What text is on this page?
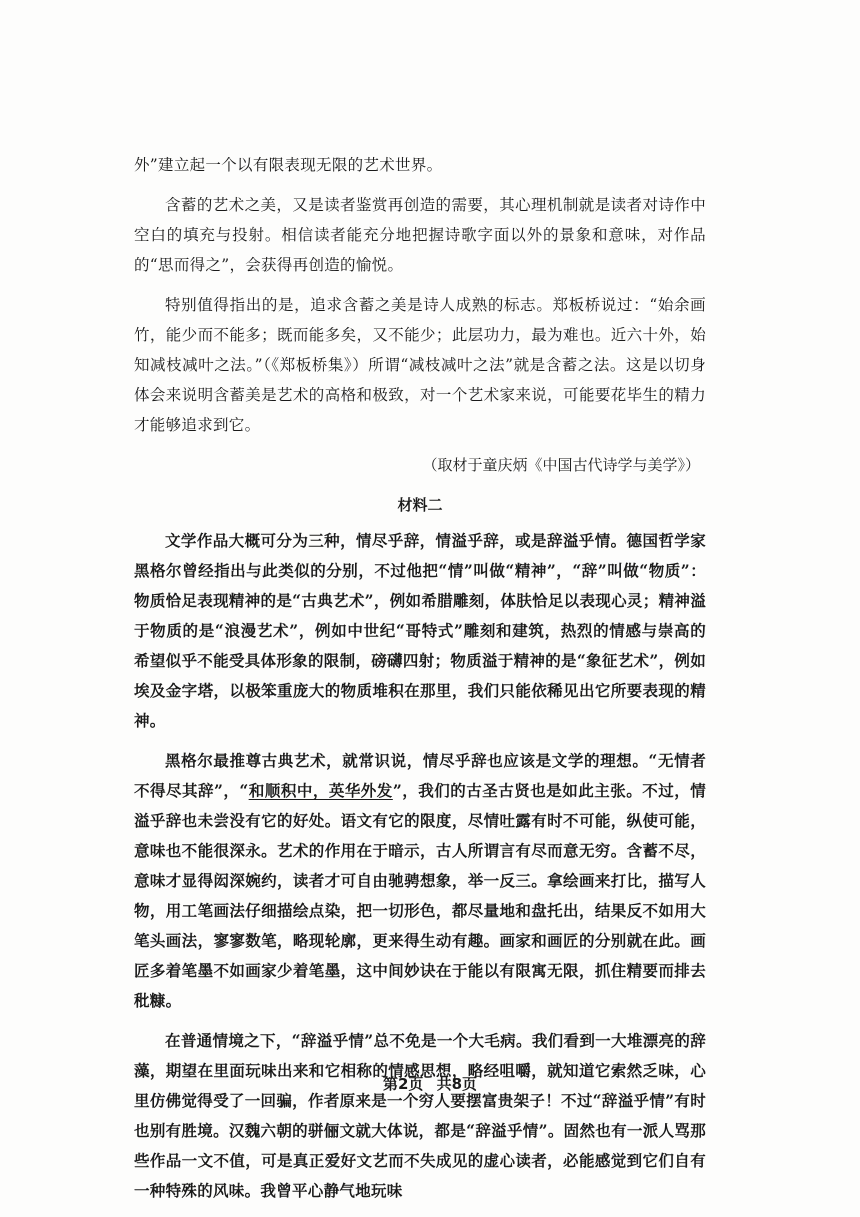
外”建立起一个以有限表现无限的艺术世界。

含蓄的艺术之美，又是读者鉴赏再创造的需要，其心理机制就是读者对诗作中空白的填充与投射。相信读者能充分地把握诗歌字面以外的景象和意味，对作品的“思而得之”，会获得再创造的愉悦。

特别值得指出的是，追求含蓄之美是诗人成熟的标志。郑板桥说过：“始余画竹，能少而不能多；既而能多矣，又不能少；此层功力，最为难也。近六十外，始知减枝减叶之法。”（《郑板桥集》）所谓“减枝减叶之法”就是含蓄之法。这是以切身体会来说明含蓄美是艺术的高格和极致，对一个艺术家来说，可能要花毕生的精力才能够追求到它。

（取材于童庆炳《中国古代诗学与美学》）
材料二

文学作品大概可分为三种，情尽乎辞，情溢乎辞，或是辞溢乎情。德国哲学家黑格尔曾经指出与此类似的分别，不过他把“情”叫做“精神”，“辞”叫做“物质”：物质恰足表现精神的是“古典艺术”，例如希腊雕刻，体肤恰足以表现心灵；精神溢于物质的是“浪漫艺术”，例如中世纪“哥特式”雕刻和建筑，热烈的情感与崇高的希望似乎不能受具体形象的限制，磅礴四射；物质溢于精神的是“象征艺术”，例如埃及金字塔，以极笨重庞大的物质堆积在那里，我们只能依稀见出它所要表现的精神。

黑格尔最推尊古典艺术，就常识说，情尽乎辞也应该是文学的理想。“无情者不得尽其辞”，“和顺积中，英华外发”，我们的古圣古贤也是如此主张。不过，情溢乎辞也未尝没有它的好处。语文有它的限度，尽情吐露有时不可能，纵使可能，意味也不能很深永。艺术的作用在于暗示，古人所谓言有尽而意无穷。含蓄不尽，意味才显得闳深婉约，读者才可自由驰骋想象，举一反三。拿绘画来打比，描写人物，用工笔画法仔细描绘点染，把一切形色，都尽量地和盘托出，结果反不如用大笔头画法，寥寥数笔，略现轮廓，更来得生动有趣。画家和画匠的分别就在此。画匠多着笔墨不如画家少着笔墨，这中间妙诀在于能以有限寓无限，抓住精要而排去秕糠。

在普通情境之下，“辞溢乎情”总不免是一个大毛病。我们看到一大堆漂亮的辞藻，期望在里面玩味出来和它相称的情感思想，略经咀嚼，就知道它索然乏味，心里仿佛觉得受了一回骗，作者原来是一个穷人要摆富贵架子！不过“辞溢乎情”有时也别有胜境。汉魏六朝的骈俪文就大体说，都是“辞溢乎情”。固然也有一派人骂那些作品一文不值，可是真正爱好文艺而不失成见的虚心读者，必能感觉到它们自有一种特殊的风味。我曾平心静气地玩味

第2页 共8页
